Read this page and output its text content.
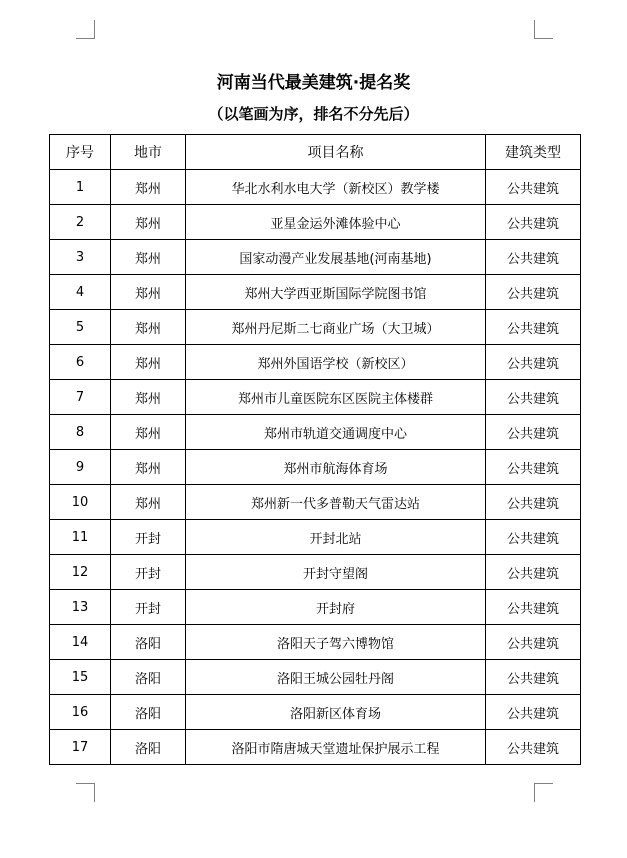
河南当代最美建筑·提名奖
（以笔画为序，排名不分先后）
序号	地市	项目名称	建筑类型
1	郑州	华北水利水电大学（新校区）教学楼	公共建筑
2	郑州	亚星金运外滩体验中心	公共建筑
3	郑州	国家动漫产业发展基地(河南基地)	公共建筑
4	郑州	郑州大学西亚斯国际学院图书馆	公共建筑
5	郑州	郑州丹尼斯二七商业广场（大卫城）	公共建筑
6	郑州	郑州外国语学校（新校区）	公共建筑
7	郑州	郑州市儿童医院东区医院主体楼群	公共建筑
8	郑州	郑州市轨道交通调度中心	公共建筑
9	郑州	郑州市航海体育场	公共建筑
10	郑州	郑州新一代多普勒天气雷达站	公共建筑
11	开封	开封北站	公共建筑
12	开封	开封守望阁	公共建筑
13	开封	开封府	公共建筑
14	洛阳	洛阳天子驾六博物馆	公共建筑
15	洛阳	洛阳王城公园牡丹阁	公共建筑
16	洛阳	洛阳新区体育场	公共建筑
17	洛阳	洛阳市隋唐城天堂遗址保护展示工程	公共建筑
